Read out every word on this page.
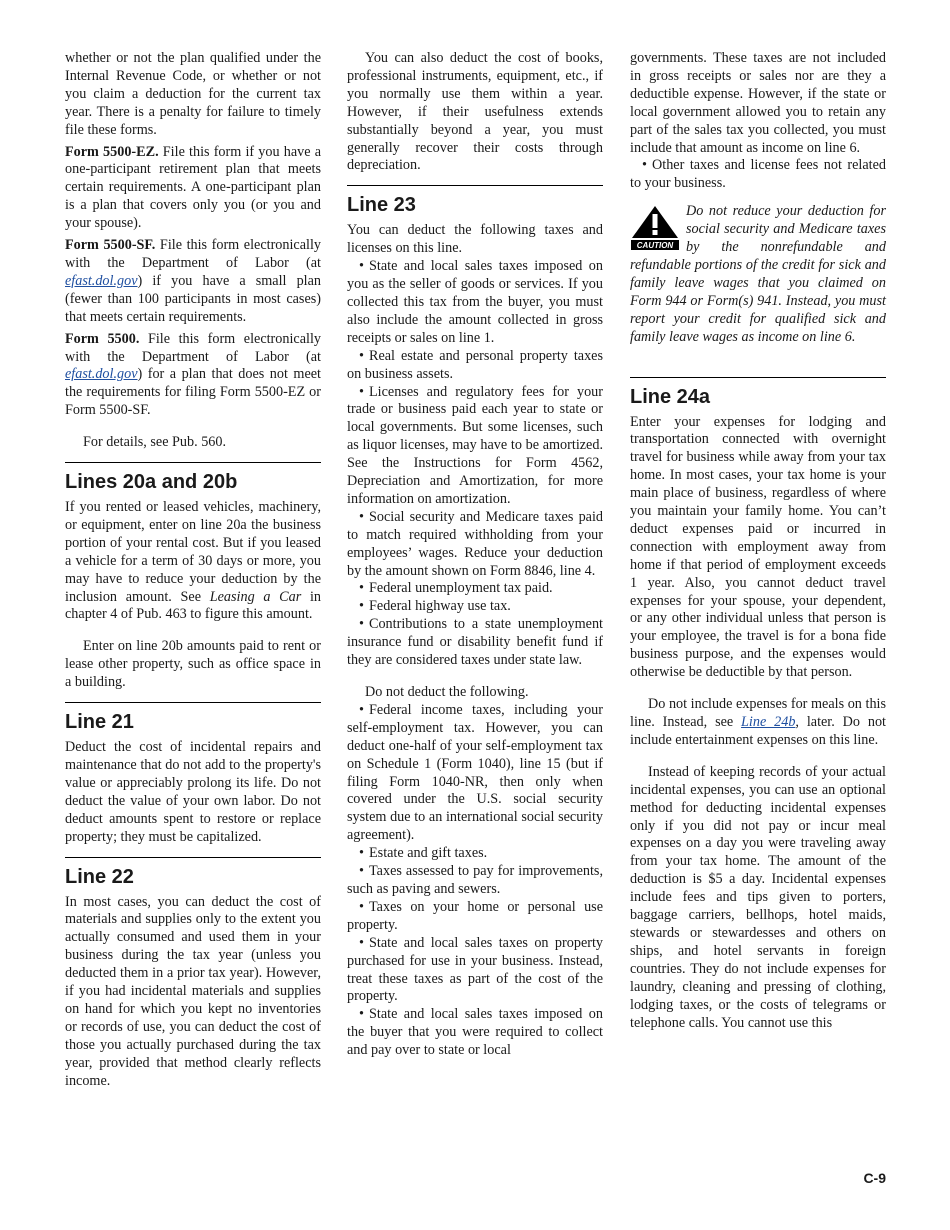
whether or not the plan qualified under the Internal Revenue Code, or whether or not you claim a deduction for the current tax year. There is a penalty for failure to timely file these forms.

Form 5500-EZ. File this form if you have a one-participant retirement plan that meets certain requirements. A one-participant plan is a plan that covers only you (or you and your spouse).

Form 5500-SF. File this form electronically with the Department of Labor (at efast.dol.gov) if you have a small plan (fewer than 100 participants in most cases) that meets certain requirements.

Form 5500. File this form electronically with the Department of Labor (at efast.dol.gov) for a plan that does not meet the requirements for filing Form 5500-EZ or Form 5500-SF.

For details, see Pub. 560.

Lines 20a and 20b

If you rented or leased vehicles, machinery, or equipment, enter on line 20a the business portion of your rental cost. But if you leased a vehicle for a term of 30 days or more, you may have to reduce your deduction by the inclusion amount. See Leasing a Car in chapter 4 of Pub. 463 to figure this amount.

Enter on line 20b amounts paid to rent or lease other property, such as office space in a building.

Line 21

Deduct the cost of incidental repairs and maintenance that do not add to the property's value or appreciably prolong its life. Do not deduct the value of your own labor. Do not deduct amounts spent to restore or replace property; they must be capitalized.

Line 22

In most cases, you can deduct the cost of materials and supplies only to the extent you actually consumed and used them in your business during the tax year (unless you deducted them in a prior tax year). However, if you had incidental materials and supplies on hand for which you kept no inventories or records of use, you can deduct the cost of those you actually purchased during the tax year, provided that method clearly reflects income.

You can also deduct the cost of books, professional instruments, equipment, etc., if you normally use them within a year. However, if their usefulness extends substantially beyond a year, you must generally recover their costs through depreciation.

Line 23

You can deduct the following taxes and licenses on this line.

• State and local sales taxes imposed on you as the seller of goods or services. If you collected this tax from the buyer, you must also include the amount collected in gross receipts or sales on line 1.

• Real estate and personal property taxes on business assets.

• Licenses and regulatory fees for your trade or business paid each year to state or local governments. But some licenses, such as liquor licenses, may have to be amortized. See the Instructions for Form 4562, Depreciation and Amortization, for more information on amortization.

• Social security and Medicare taxes paid to match required withholding from your employees’ wages. Reduce your deduction by the amount shown on Form 8846, line 4.

• Federal unemployment tax paid.

• Federal highway use tax.

• Contributions to a state unemployment insurance fund or disability benefit fund if they are considered taxes under state law.

Do not deduct the following.

• Federal income taxes, including your self-employment tax. However, you can deduct one-half of your self-employment tax on Schedule 1 (Form 1040), line 15 (but if filing Form 1040-NR, then only when covered under the U.S. social security system due to an international social security agreement).

• Estate and gift taxes.

• Taxes assessed to pay for improvements, such as paving and sewers.

• Taxes on your home or personal use property.

• State and local sales taxes on property purchased for use in your business. Instead, treat these taxes as part of the cost of the property.

• State and local sales taxes imposed on the buyer that you were required to collect and pay over to state or local

governments. These taxes are not included in gross receipts or sales nor are they a deductible expense. However, if the state or local government allowed you to retain any part of the sales tax you collected, you must include that amount as income on line 6.

• Other taxes and license fees not related to your business.

CAUTION
Do not reduce your deduction for social security and Medicare taxes by the nonrefundable and refundable portions of the credit for sick and family leave wages that you claimed on Form 944 or Form(s) 941. Instead, you must report your credit for qualified sick and family leave wages as income on line 6.
Line 24a

Enter your expenses for lodging and transportation connected with overnight travel for business while away from your tax home. In most cases, your tax home is your main place of business, regardless of where you maintain your family home. You can’t deduct expenses paid or incurred in connection with employment away from home if that period of employment exceeds 1 year. Also, you cannot deduct travel expenses for your spouse, your dependent, or any other individual unless that person is your employee, the travel is for a bona fide business purpose, and the expenses would otherwise be deductible by that person.

Do not include expenses for meals on this line. Instead, see Line 24b, later. Do not include entertainment expenses on this line.

Instead of keeping records of your actual incidental expenses, you can use an optional method for deducting incidental expenses only if you did not pay or incur meal expenses on a day you were traveling away from your tax home. The amount of the deduction is $5 a day. Incidental expenses include fees and tips given to porters, baggage carriers, bellhops, hotel maids, stewards or stewardesses and others on ships, and hotel servants in foreign countries. They do not include expenses for laundry, cleaning and pressing of clothing, lodging taxes, or the costs of telegrams or telephone calls. You cannot use this

C-9
